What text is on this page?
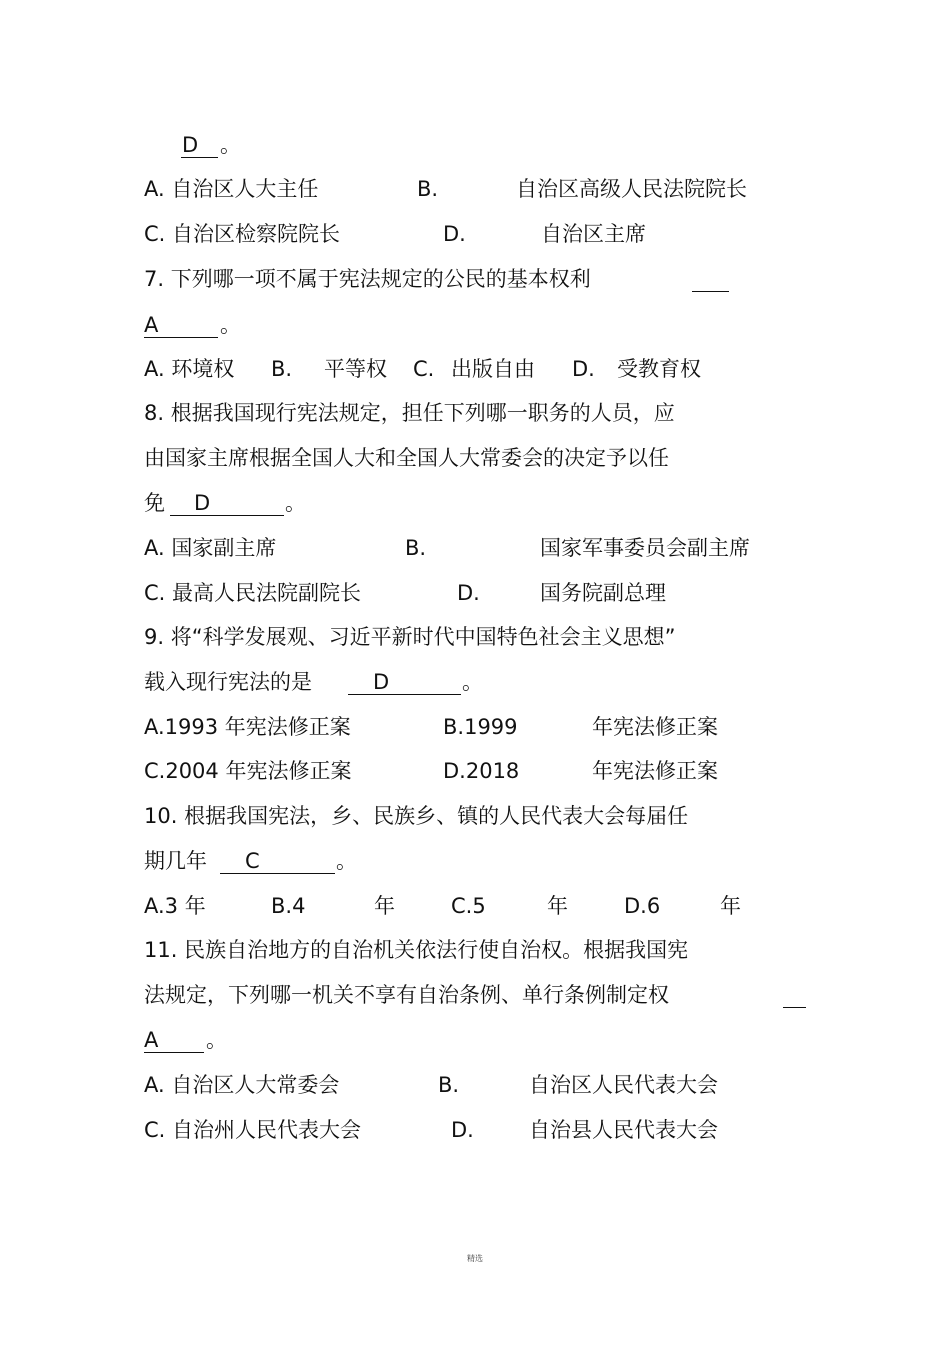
D 。
A. 自治区人大主任	B.	自治区高级人民法院院长
C. 自治区检察院院长	D.	自治区主席
7. 下列哪一项不属于宪法规定的公民的基本权利
A	。
A. 环境权 B. 平等权 C. 出版自由 D. 受教育权
8. 根据我国现行宪法规定，担任下列哪一职务的人员，应
由国家主席根据全国人大和全国人大常委会的决定予以任
免 D	。
A. 国家副主席	B.	国家军事委员会副主席
C. 最高人民法院副院长	D.	国务院副总理
9. 将“科学发展观、习近平新时代中国特色社会主义思想”
载入现行宪法的是	D	。
A.1993 年宪法修正案	B.1999	年宪法修正案
C.2004 年宪法修正案	D.2018	年宪法修正案
10. 根据我国宪法，乡、民族乡、镇的人民代表大会每届任
期几年 C	。
A.3 年	B.4	年	C.5	年	D.6	年
11. 民族自治地方的自治机关依法行使自治权。根据我国宪
法规定，下列哪一机关不享有自治条例、单行条例制定权
A 。
A. 自治区人大常委会	B.	自治区人民代表大会
C. 自治州人民代表大会	D.	自治县人民代表大会
精选
